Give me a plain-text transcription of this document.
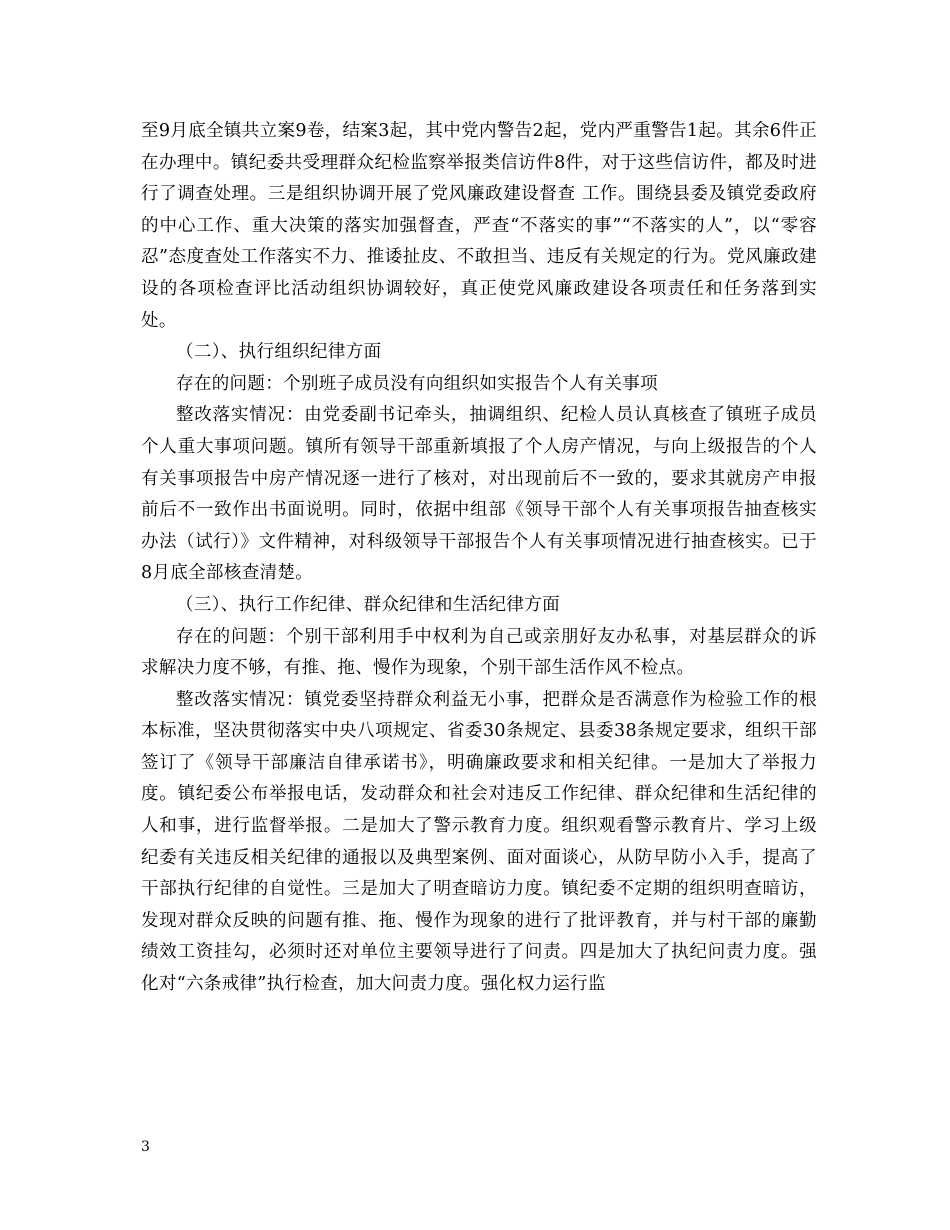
至9月底全镇共立案9卷，结案3起，其中党内警告2起，党内严重警告1起。其余6件正在办理中。镇纪委共受理群众纪检监察举报类信访件8件，对于这些信访件，都及时进行了调查处理。三是组织协调开展了党风廉政建设督查 工作。围绕县委及镇党委政府的中心工作、重大决策的落实加强督查，严查“不落实的事”“不落实的人”，以“零容忍”态度查处工作落实不力、推诿扯皮、不敢担当、违反有关规定的行为。党风廉政建设的各项检查评比活动组织协调较好，真正使党风廉政建设各项责任和任务落到实处。

（二）、执行组织纪律方面

存在的问题：个别班子成员没有向组织如实报告个人有关事项

整改落实情况：由党委副书记牵头，抽调组织、纪检人员认真核查了镇班子成员个人重大事项问题。镇所有领导干部重新填报了个人房产情况，与向上级报告的个人有关事项报告中房产情况逐一进行了核对，对出现前后不一致的，要求其就房产申报前后不一致作出书面说明。同时，依据中组部《领导干部个人有关事项报告抽查核实办法（试行）》文件精神，对科级领导干部报告个人有关事项情况进行抽查核实。已于8月底全部核查清楚。

（三）、执行工作纪律、群众纪律和生活纪律方面

存在的问题：个别干部利用手中权利为自己或亲朋好友办私事，对基层群众的诉求解决力度不够，有推、拖、慢作为现象，个别干部生活作风不检点。

整改落实情况：镇党委坚持群众利益无小事，把群众是否满意作为检验工作的根本标准，坚决贯彻落实中央八项规定、省委30条规定、县委38条规定要求，组织干部签订了《领导干部廉洁自律承诺书》，明确廉政要求和相关纪律。一是加大了举报力度。镇纪委公布举报电话，发动群众和社会对违反工作纪律、群众纪律和生活纪律的人和事，进行监督举报。二是加大了警示教育力度。组织观看警示教育片、学习上级纪委有关违反相关纪律的通报以及典型案例、面对面谈心，从防早防小入手，提高了干部执行纪律的自觉性。三是加大了明查暗访力度。镇纪委不定期的组织明查暗访，发现对群众反映的问题有推、拖、慢作为现象的进行了批评教育，并与村干部的廉勤绩效工资挂勾，必须时还对单位主要领导进行了问责。四是加大了执纪问责力度。强化对“六条戒律”执行检查，加大问责力度。强化权力运行监

3
